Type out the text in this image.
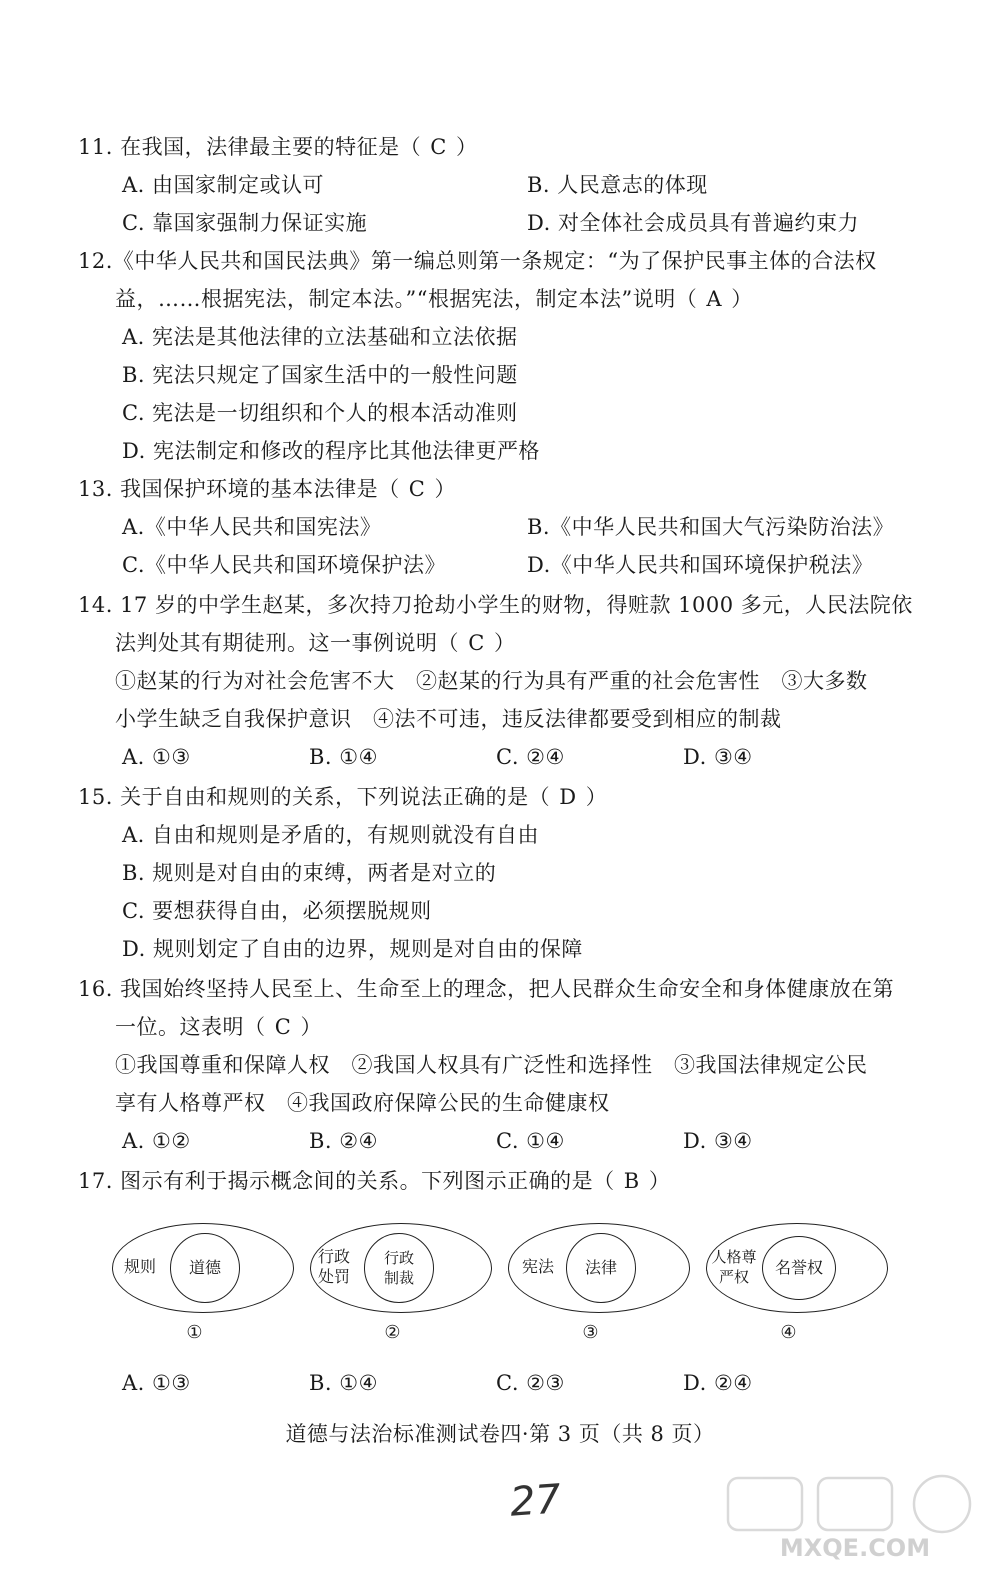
11. 在我国，法律最主要的特征是（ C ）
A. 由国家制定或认可	B. 人民意志的体现
C. 靠国家强制力保证实施	D. 对全体社会成员具有普遍约束力
12.《中华人民共和国民法典》第一编总则第一条规定：“为了保护民事主体的合法权
益，……根据宪法，制定本法。”“根据宪法，制定本法”说明（ A ）
A. 宪法是其他法律的立法基础和立法依据
B. 宪法只规定了国家生活中的一般性问题
C. 宪法是一切组织和个人的根本活动准则
D. 宪法制定和修改的程序比其他法律更严格
13. 我国保护环境的基本法律是（ C ）
A.《中华人民共和国宪法》	B.《中华人民共和国大气污染防治法》
C.《中华人民共和国环境保护法》	D.《中华人民共和国环境保护税法》
14. 17 岁的中学生赵某，多次持刀抢劫小学生的财物，得赃款 1000 多元，人民法院依
法判处其有期徒刑。这一事例说明（ C ）
①赵某的行为对社会危害不大　②赵某的行为具有严重的社会危害性　③大多数
小学生缺乏自我保护意识　④法不可违，违反法律都要受到相应的制裁
A. ①③	B. ①④	C. ②④	D. ③④
15. 关于自由和规则的关系，下列说法正确的是（ D ）
A. 自由和规则是矛盾的，有规则就没有自由
B. 规则是对自由的束缚，两者是对立的
C. 要想获得自由，必须摆脱规则
D. 规则划定了自由的边界，规则是对自由的保障
16. 我国始终坚持人民至上、生命至上的理念，把人民群众生命安全和身体健康放在第
一位。这表明（ C ）
①我国尊重和保障人权　②我国人权具有广泛性和选择性　③我国法律规定公民
享有人格尊严权　④我国政府保障公民的生命健康权
A. ①②	B. ②④	C. ①④	D. ③④
17. 图示有利于揭示概念间的关系。下列图示正确的是（ B ）
规则	道德
①
行政处罚
行政制裁
②
宪法	法律
③
人格尊严权	名誉权
④
A. ①③	B. ①④	C. ②③	D. ②④
道德与法治标准测试卷四·第 3 页（共 8 页）
27
MXQE.COM
